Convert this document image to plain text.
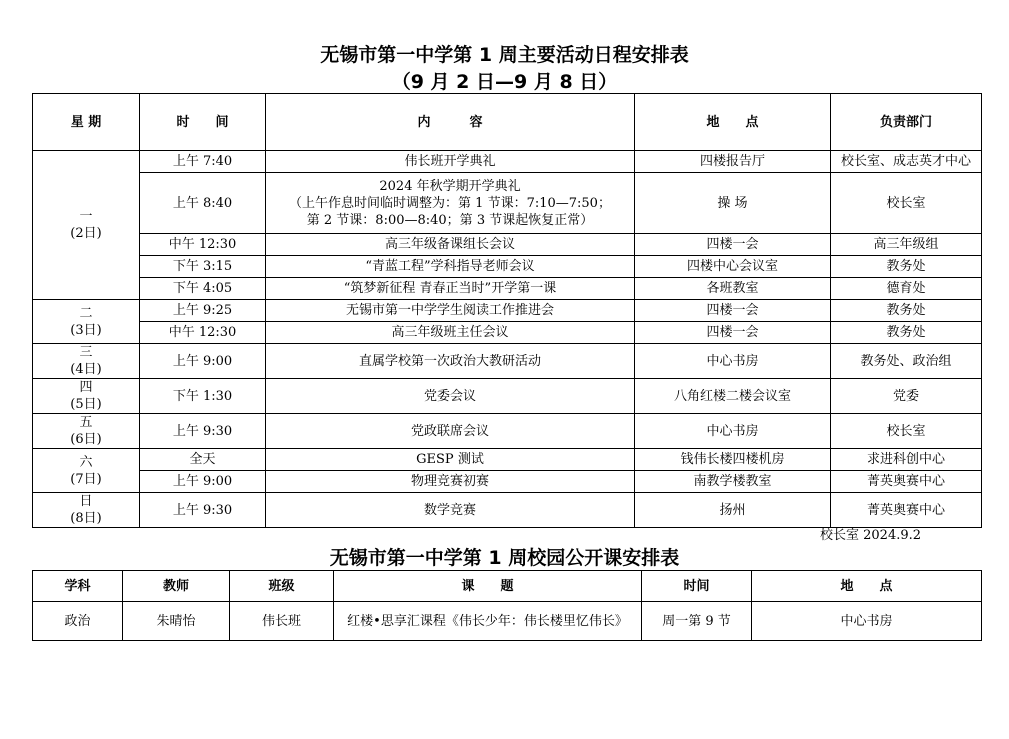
无锡市第一中学第 1 周主要活动日程安排表
（9 月 2 日—9 月 8 日）
星 期	时　　间	内　　　容	地　　点	负责部门

一
(2日)	上午 7:40	伟长班开学典礼	四楼报告厅	校长室、成志英才中心
	上午 8:40	2024 年秋学期开学典礼
（上午作息时间临时调整为：第 1 节课：7:10—7:50；
第 2 节课：8:00—8:40；第 3 节课起恢复正常）	操 场	校长室
	中午 12:30	高三年级备课组长会议	四楼一会	高三年级组
	下午 3:15	“青蓝工程”学科指导老师会议	四楼中心会议室	教务处
	下午 4:05	“筑梦新征程 青春正当时”开学第一课	各班教室	德育处

二
(3日)	上午 9:25	无锡市第一中学学生阅读工作推进会	四楼一会	教务处
	中午 12:30	高三年级班主任会议	四楼一会	教务处

三
(4日)	上午 9:00	直属学校第一次政治大教研活动	中心书房	教务处、政治组

四
(5日)	下午 1:30	党委会议	八角红楼二楼会议室	党委

五
(6日)	上午 9:30	党政联席会议	中心书房	校长室

六
(7日)	全天	GESP 测试	钱伟长楼四楼机房	求进科创中心
	上午 9:00	物理竞赛初赛	南教学楼教室	菁英奥赛中心

日
(8日)	上午 9:30	数学竞赛	扬州	菁英奥赛中心
校长室 2024.9.2
无锡市第一中学第 1 周校园公开课安排表
学科	教师	班级	课　　题	时间	地　　点
政治	朱晴怡	伟长班	红楼•思享汇课程《伟长少年：伟长楼里忆伟长》	周一第 9 节	中心书房
